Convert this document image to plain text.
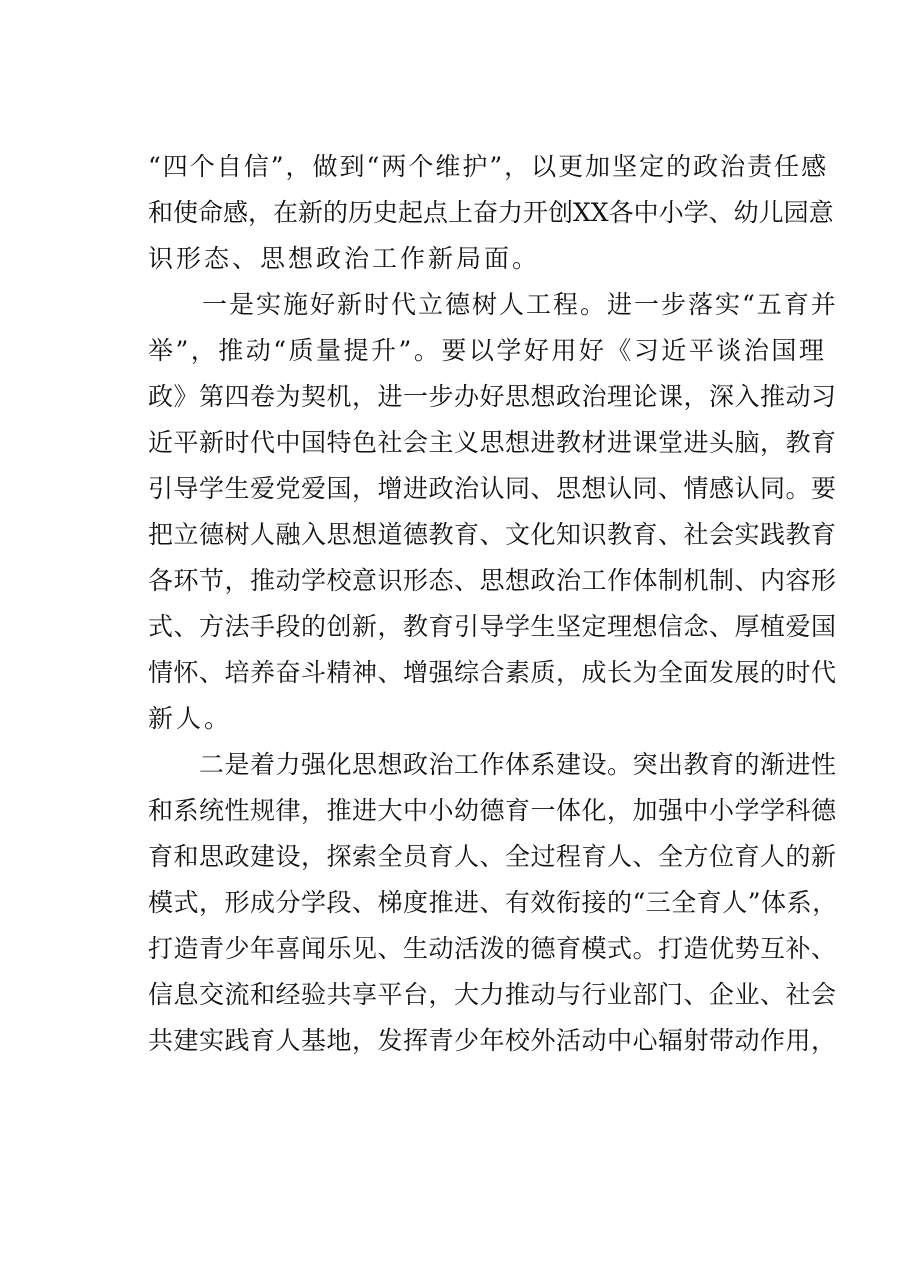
“四个自信”，做到“两个维护”，以更加坚定的政治责任感
和使命感，在新的历史起点上奋力开创XX各中小学、幼儿园意
识形态、思想政治工作新局面。
　　一是实施好新时代立德树人工程。进一步落实“五育并
举”，推动“质量提升”。要以学好用好《习近平谈治国理
政》第四卷为契机，进一步办好思想政治理论课，深入推动习
近平新时代中国特色社会主义思想进教材进课堂进头脑，教育
引导学生爱党爱国，增进政治认同、思想认同、情感认同。要
把立德树人融入思想道德教育、文化知识教育、社会实践教育
各环节，推动学校意识形态、思想政治工作体制机制、内容形
式、方法手段的创新，教育引导学生坚定理想信念、厚植爱国
情怀、培养奋斗精神、增强综合素质，成长为全面发展的时代
新人。
　　二是着力强化思想政治工作体系建设。突出教育的渐进性
和系统性规律，推进大中小幼德育一体化，加强中小学学科德
育和思政建设，探索全员育人、全过程育人、全方位育人的新
模式，形成分学段、梯度推进、有效衔接的“三全育人”体系，
打造青少年喜闻乐见、生动活泼的德育模式。打造优势互补、
信息交流和经验共享平台，大力推动与行业部门、企业、社会
共建实践育人基地，发挥青少年校外活动中心辐射带动作用，
